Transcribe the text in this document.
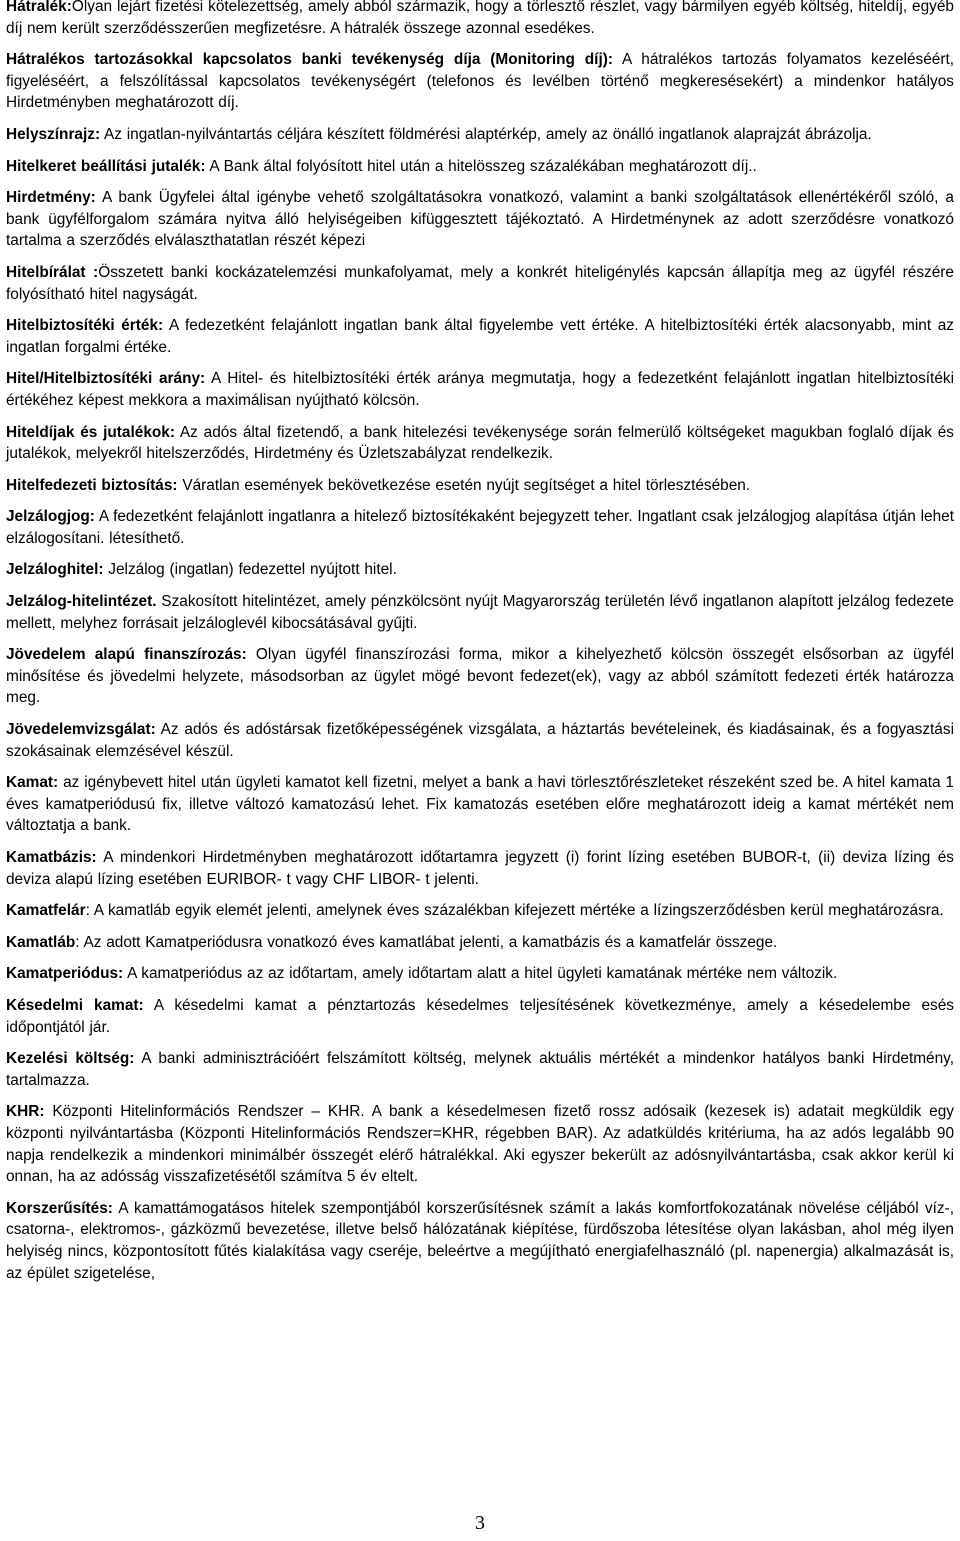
Hátralék:Olyan lejárt fizetési kötelezettség, amely abból származik, hogy a törlesztő részlet, vagy bármilyen egyéb költség, hiteldíj, egyéb díj nem került szerződésszerűen megfizetésre. A hátralék összege azonnal esedékes.

Hátralékos tartozásokkal kapcsolatos banki tevékenység díja (Monitoring díj): A hátralékos tartozás folyamatos kezeléséért, figyeléséért, a felszólítással kapcsolatos tevékenységért (telefonos és levélben történő megkeresésekért) a mindenkor hatályos Hirdetményben meghatározott díj.

Helyszínrajz: Az ingatlan-nyilvántartás céljára készített földmérési alaptérkép, amely az önálló ingatlanok alaprajzát ábrázolja.

Hitelkeret beállítási jutalék: A Bank által folyósított hitel után a hitelösszeg százalékában meghatározott díj..

Hirdetmény: A bank Ügyfelei által igénybe vehető szolgáltatásokra vonatkozó, valamint a banki szolgáltatások ellenértékéről szóló, a bank ügyfélforgalom számára nyitva álló helyiségeiben kifüggesztett tájékoztató. A Hirdetménynek az adott szerződésre vonatkozó tartalma a szerződés elválaszthatatlan részét képezi

Hitelbírálat :Összetett banki kockázatelemzési munkafolyamat, mely a konkrét hiteligénylés kapcsán állapítja meg az ügyfél részére folyósítható hitel nagyságát.

Hitelbiztosítéki érték: A fedezetként felajánlott ingatlan bank által figyelembe vett értéke. A hitelbiztosítéki érték alacsonyabb, mint az ingatlan forgalmi értéke.

Hitel/Hitelbiztosítéki arány: A Hitel- és hitelbiztosítéki érték aránya megmutatja, hogy a fedezetként felajánlott ingatlan hitelbiztosítéki értékéhez képest mekkora a maximálisan nyújtható kölcsön.

Hiteldíjak és jutalékok: Az adós által fizetendő, a bank hitelezési tevékenysége során felmerülő költségeket magukban foglaló díjak és jutalékok, melyekről hitelszerződés, Hirdetmény és Üzletszabályzat rendelkezik.

Hitelfedezeti biztosítás: Váratlan események bekövetkezése esetén nyújt segítséget a hitel törlesztésében.

Jelzálogjog: A fedezetként felajánlott ingatlanra a hitelező biztosítékaként bejegyzett teher. Ingatlant csak jelzálogjog alapítása útján lehet elzálogosítani. létesíthető.

Jelzáloghitel: Jelzálog (ingatlan) fedezettel nyújtott hitel.

Jelzálog-hitelintézet. Szakosított hitelintézet, amely pénzkölcsönt nyújt Magyarország területén lévő ingatlanon alapított jelzálog fedezete mellett, melyhez forrásait jelzáloglevél kibocsátásával gyűjti.

Jövedelem alapú finanszírozás: Olyan ügyfél finanszírozási forma, mikor a kihelyezhető kölcsön összegét elsősorban az ügyfél minősítése és jövedelmi helyzete, másodsorban az ügylet mögé bevont fedezet(ek), vagy az abból számított fedezeti érték határozza meg.

Jövedelemvizsgálat: Az adós és adóstársak fizetőképességének vizsgálata, a háztartás bevételeinek, és kiadásainak, és a fogyasztási szokásainak elemzésével készül.

Kamat: az igénybevett hitel után ügyleti kamatot kell fizetni, melyet a bank a havi törlesztőrészleteket részeként szed be. A hitel kamata 1 éves kamatperiódusú fix, illetve változó kamatozású lehet. Fix kamatozás esetében előre meghatározott ideig a kamat mértékét nem változtatja a bank.

Kamatbázis: A mindenkori Hirdetményben meghatározott időtartamra jegyzett (i) forint lízing esetében BUBOR-t, (ii) deviza lízing és deviza alapú lízing esetében EURIBOR- t vagy CHF LIBOR- t jelenti.

Kamatfelár: A kamatláb egyik elemét jelenti, amelynek éves százalékban kifejezett mértéke a lízingszerződésben kerül meghatározásra.

Kamatláb: Az adott Kamatperiódusra vonatkozó éves kamatlábat jelenti, a kamatbázis és a kamatfelár összege.

Kamatperiódus: A kamatperiódus az az időtartam, amely időtartam alatt a hitel ügyleti kamatának mértéke nem változik.

Késedelmi kamat: A késedelmi kamat a pénztartozás késedelmes teljesítésének következménye, amely a késedelembe esés időpontjától jár.

Kezelési költség: A banki adminisztrációért felszámított költség, melynek aktuális mértékét a mindenkor hatályos banki Hirdetmény, tartalmazza.

KHR: Központi Hitelinformációs Rendszer – KHR. A bank a késedelmesen fizető rossz adósaik (kezesek is) adatait megküldik egy központi nyilvántartásba (Központi Hitelinformációs Rendszer=KHR, régebben BAR). Az adatküldés kritériuma, ha az adós legalább 90 napja rendelkezik a mindenkori minimálbér összegét elérő hátralékkal. Aki egyszer bekerült az adósnyilvántartásba, csak akkor kerül ki onnan, ha az adósság visszafizetésétől számítva 5 év eltelt.

Korszerűsítés: A kamattámogatásos hitelek szempontjából korszerűsítésnek számít a lakás komfortfokozatának növelése céljából víz-, csatorna-, elektromos-, gázközmű bevezetése, illetve belső hálózatának kiépítése, fürdőszoba létesítése olyan lakásban, ahol még ilyen helyiség nincs, központosított fűtés kialakítása vagy cseréje, beleértve a megújítható energiafelhasználó (pl. napenergia) alkalmazását is, az épület szigetelése,

3
